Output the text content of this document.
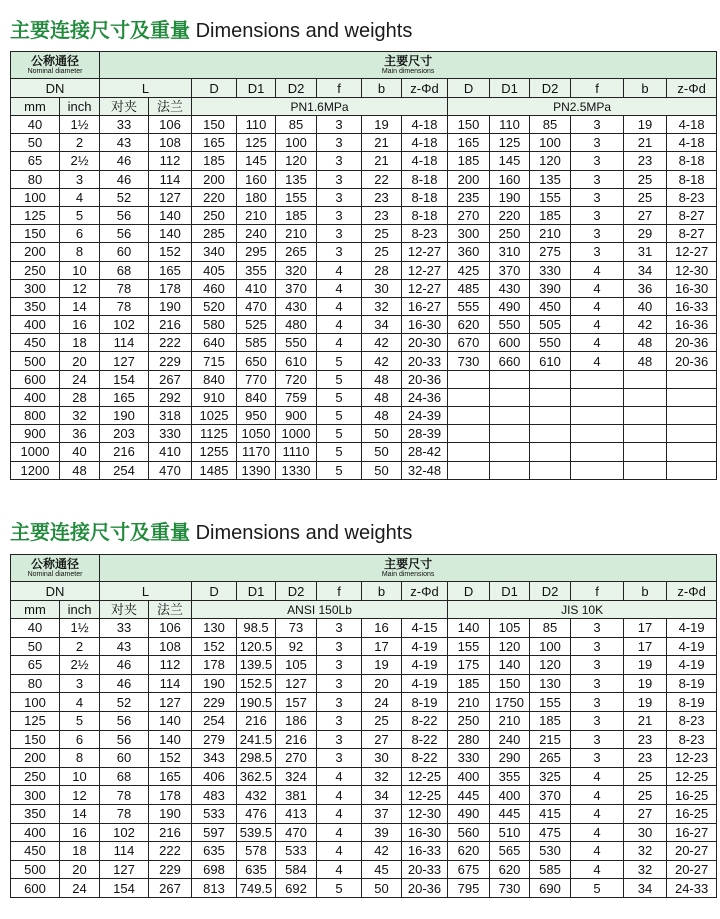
主要连接尺寸及重量 Dimensions and weights
公称通径
Nominal diameter		主要尺寸
Main dimensions													

DN		L		D	D1	D2	f	b	z-Φd	D	D1	D2	f	b	z-Φd
mm	inch	对夹	法兰	PN1.6MPa						PN2.5MPa					
40	1½	33	106	150	110	85	3	19	4-18	150	110	85	3	19	4-18
50	2	43	108	165	125	100	3	21	4-18	165	125	100	3	21	4-18
65	2½	46	112	185	145	120	3	21	4-18	185	145	120	3	23	8-18
80	3	46	114	200	160	135	3	22	8-18	200	160	135	3	25	8-18
100	4	52	127	220	180	155	3	23	8-18	235	190	155	3	25	8-23
125	5	56	140	250	210	185	3	23	8-18	270	220	185	3	27	8-27
150	6	56	140	285	240	210	3	25	8-23	300	250	210	3	29	8-27
200	8	60	152	340	295	265	3	25	12-27	360	310	275	3	31	12-27
250	10	68	165	405	355	320	4	28	12-27	425	370	330	4	34	12-30
300	12	78	178	460	410	370	4	30	12-27	485	430	390	4	36	16-30
350	14	78	190	520	470	430	4	32	16-27	555	490	450	4	40	16-33
400	16	102	216	580	525	480	4	34	16-30	620	550	505	4	42	16-36
450	18	114	222	640	585	550	4	42	20-30	670	600	550	4	48	20-36
500	20	127	229	715	650	610	5	42	20-33	730	660	610	4	48	20-36
600	24	154	267	840	770	720	5	48	20-36						
400	28	165	292	910	840	759	5	48	24-36						
800	32	190	318	1025	950	900	5	48	24-39						
900	36	203	330	1125	1050	1000	5	50	28-39						
1000	40	216	410	1255	1170	1110	5	50	28-42						
1200	48	254	470	1485	1390	1330	5	50	32-48						
主要连接尺寸及重量 Dimensions and weights
公称通径
Nominal diameter		主要尺寸
Main dimensions													

DN		L		D	D1	D2	f	b	z-Φd	D	D1	D2	f	b	z-Φd
mm	inch	对夹	法兰	ANSI 150Lb						JIS 10K					
40	1½	33	106	130	98.5	73	3	16	4-15	140	105	85	3	17	4-19
50	2	43	108	152	120.5	92	3	17	4-19	155	120	100	3	17	4-19
65	2½	46	112	178	139.5	105	3	19	4-19	175	140	120	3	19	4-19
80	3	46	114	190	152.5	127	3	20	4-19	185	150	130	3	19	8-19
100	4	52	127	229	190.5	157	3	24	8-19	210	1750	155	3	19	8-19
125	5	56	140	254	216	186	3	25	8-22	250	210	185	3	21	8-23
150	6	56	140	279	241.5	216	3	27	8-22	280	240	215	3	23	8-23
200	8	60	152	343	298.5	270	3	30	8-22	330	290	265	3	23	12-23
250	10	68	165	406	362.5	324	4	32	12-25	400	355	325	4	25	12-25
300	12	78	178	483	432	381	4	34	12-25	445	400	370	4	25	16-25
350	14	78	190	533	476	413	4	37	12-30	490	445	415	4	27	16-25
400	16	102	216	597	539.5	470	4	39	16-30	560	510	475	4	30	16-27
450	18	114	222	635	578	533	4	42	16-33	620	565	530	4	32	20-27
500	20	127	229	698	635	584	4	45	20-33	675	620	585	4	32	20-27
600	24	154	267	813	749.5	692	5	50	20-36	795	730	690	5	34	24-33
